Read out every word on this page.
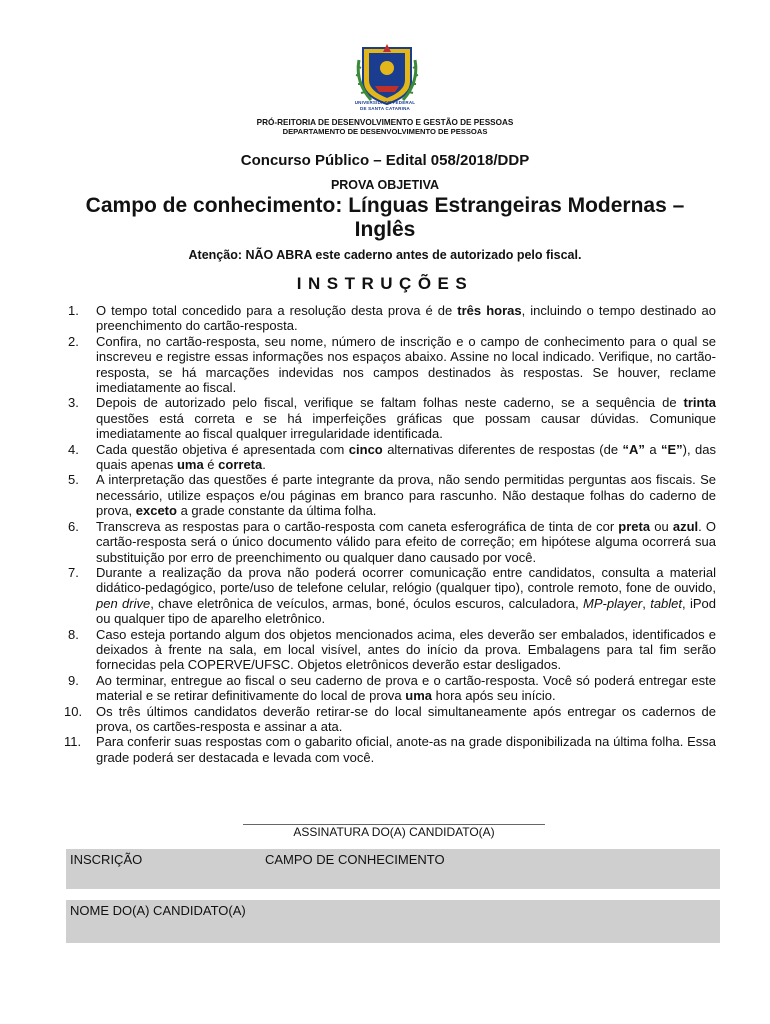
UNIVERSIDADE FEDERAL
DE SANTA CATARINA
PRÓ-REITORIA DE DESENVOLVIMENTO E GESTÃO DE PESSOAS
DEPARTAMENTO DE DESENVOLVIMENTO DE PESSOAS
Concurso Público – Edital 058/2018/DDP
PROVA OBJETIVA
Campo de conhecimento: Línguas Estrangeiras Modernas –
Inglês
Atenção: NÃO ABRA este caderno antes de autorizado pelo fiscal.
INSTRUÇÕES
1.	O tempo total concedido para a resolução desta prova é de três horas, incluindo o tempo destinado ao preenchimento do cartão-resposta.
2.	Confira, no cartão-resposta, seu nome, número de inscrição e o campo de conhecimento para o qual se inscreveu e registre essas informações nos espaços abaixo. Assine no local indicado. Verifique, no cartão-resposta, se há marcações indevidas nos campos destinados às respostas. Se houver, reclame imediatamente ao fiscal.
3.	Depois de autorizado pelo fiscal, verifique se faltam folhas neste caderno, se a sequência de trinta questões está correta e se há imperfeições gráficas que possam causar dúvidas. Comunique imediatamente ao fiscal qualquer irregularidade identificada.
4.	Cada questão objetiva é apresentada com cinco alternativas diferentes de respostas (de “A” a “E”), das quais apenas uma é correta.
5.	A interpretação das questões é parte integrante da prova, não sendo permitidas perguntas aos fiscais. Se necessário, utilize espaços e/ou páginas em branco para rascunho. Não destaque folhas do caderno de prova, exceto a grade constante da última folha.
6.	Transcreva as respostas para o cartão-resposta com caneta esferográfica de tinta de cor preta ou azul. O cartão-resposta será o único documento válido para efeito de correção; em hipótese alguma ocorrerá sua substituição por erro de preenchimento ou qualquer dano causado por você.
7.	Durante a realização da prova não poderá ocorrer comunicação entre candidatos, consulta a material didático-pedagógico, porte/uso de telefone celular, relógio (qualquer tipo), controle remoto, fone de ouvido, pen drive, chave eletrônica de veículos, armas, boné, óculos escuros, calculadora, MP-player, tablet, iPod ou qualquer tipo de aparelho eletrônico.
8.	Caso esteja portando algum dos objetos mencionados acima, eles deverão ser embalados, identificados e deixados à frente na sala, em local visível, antes do início da prova. Embalagens para tal fim serão fornecidas pela COPERVE/UFSC. Objetos eletrônicos deverão estar desligados.
9.	Ao terminar, entregue ao fiscal o seu caderno de prova e o cartão-resposta. Você só poderá entregar este material e se retirar definitivamente do local de prova uma hora após seu início.
10.	Os três últimos candidatos deverão retirar-se do local simultaneamente após entregar os cadernos de prova, os cartões-resposta e assinar a ata.
11.	Para conferir suas respostas com o gabarito oficial, anote-as na grade disponibilizada na última folha. Essa grade poderá ser destacada e levada com você.
ASSINATURA DO(A) CANDIDATO(A)
INSCRIÇÃO	CAMPO DE CONHECIMENTO
NOME DO(A) CANDIDATO(A)
